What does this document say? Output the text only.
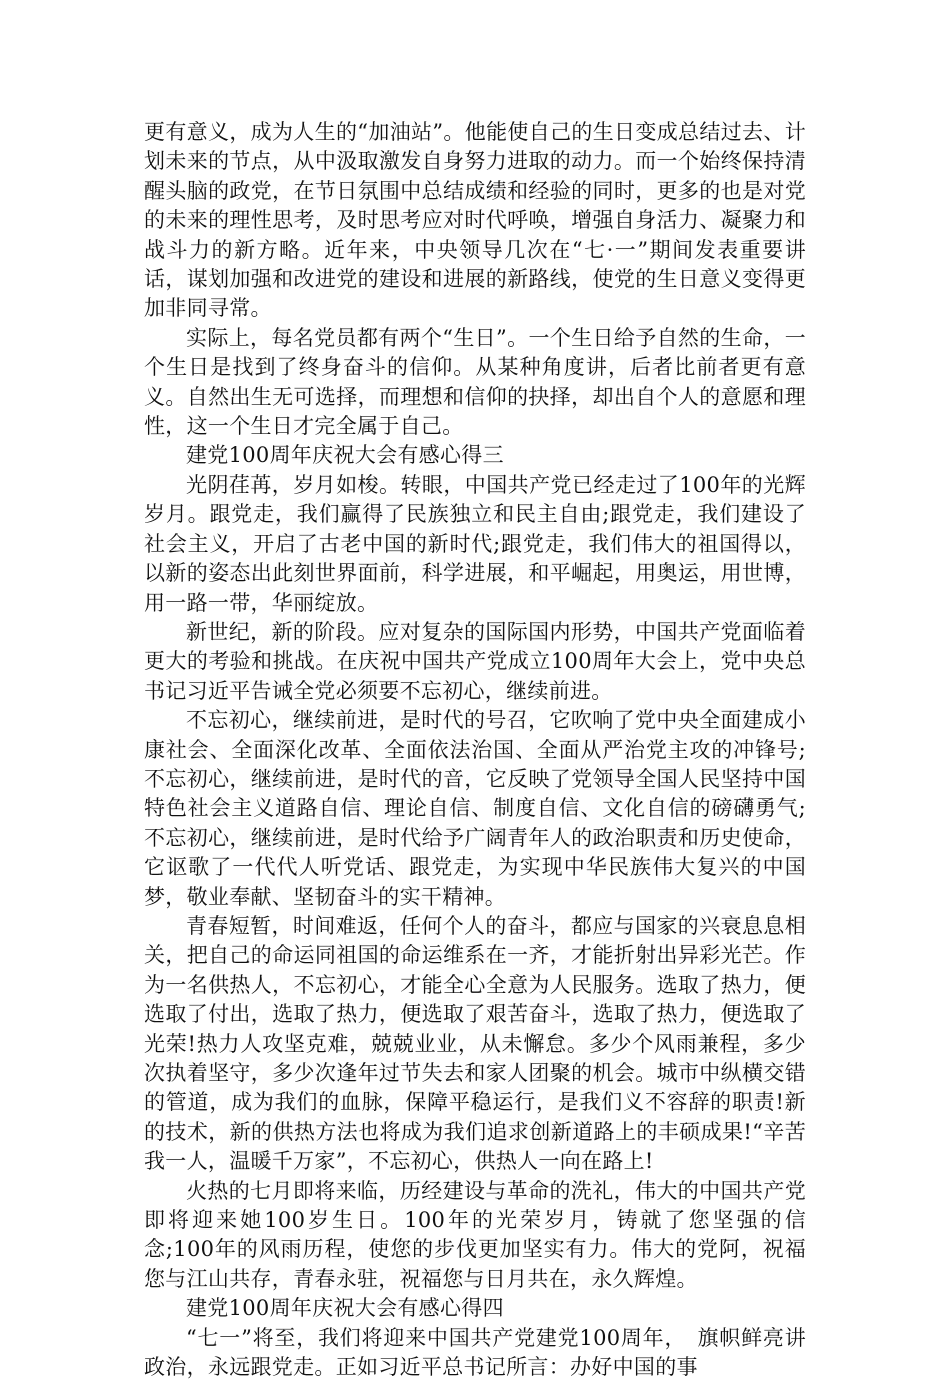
更有意义，成为人生的“加油站”。他能使自己的生日变成总结过去、计划未来的节点，从中汲取激发自身努力进取的动力。而一个始终保持清醒头脑的政党，在节日氛围中总结成绩和经验的同时，更多的也是对党的未来的理性思考，及时思考应对时代呼唤，增强自身活力、凝聚力和战斗力的新方略。近年来，中央领导几次在“七·一”期间发表重要讲话，谋划加强和改进党的建设和进展的新路线，使党的生日意义变得更加非同寻常。

实际上，每名党员都有两个“生日”。一个生日给予自然的生命，一个生日是找到了终身奋斗的信仰。从某种角度讲，后者比前者更有意义。自然出生无可选择，而理想和信仰的抉择，却出自个人的意愿和理性，这一个生日才完全属于自己。

建党100周年庆祝大会有感心得三

光阴荏苒，岁月如梭。转眼，中国共产党已经走过了100年的光辉岁月。跟党走，我们赢得了民族独立和民主自由;跟党走，我们建设了社会主义，开启了古老中国的新时代;跟党走，我们伟大的祖国得以，以新的姿态出此刻世界面前，科学进展，和平崛起，用奥运，用世博，用一路一带，华丽绽放。

新世纪，新的阶段。应对复杂的国际国内形势，中国共产党面临着更大的考验和挑战。在庆祝中国共产党成立100周年大会上，党中央总书记习近平告诫全党必须要不忘初心，继续前进。

不忘初心，继续前进，是时代的号召，它吹响了党中央全面建成小康社会、全面深化改革、全面依法治国、全面从严治党主攻的冲锋号;不忘初心，继续前进，是时代的音，它反映了党领导全国人民坚持中国特色社会主义道路自信、理论自信、制度自信、文化自信的磅礴勇气;不忘初心，继续前进，是时代给予广阔青年人的政治职责和历史使命，它讴歌了一代代人听党话、跟党走，为实现中华民族伟大复兴的中国梦，敬业奉献、坚韧奋斗的实干精神。

青春短暂，时间难返，任何个人的奋斗，都应与国家的兴衰息息相关，把自己的命运同祖国的命运维系在一齐，才能折射出异彩光芒。作为一名供热人，不忘初心，才能全心全意为人民服务。选取了热力，便选取了付出，选取了热力，便选取了艰苦奋斗，选取了热力，便选取了光荣!热力人攻坚克难，兢兢业业，从未懈怠。多少个风雨兼程，多少次执着坚守，多少次逢年过节失去和家人团聚的机会。城市中纵横交错的管道，成为我们的血脉，保障平稳运行，是我们义不容辞的职责!新的技术，新的供热方法也将成为我们追求创新道路上的丰硕成果!“辛苦我一人，温暖千万家”，不忘初心，供热人一向在路上!

火热的七月即将来临，历经建设与革命的洗礼，伟大的中国共产党即将迎来她100岁生日。100年的光荣岁月，铸就了您坚强的信念;100年的风雨历程，使您的步伐更加坚实有力。伟大的党阿，祝福您与江山共存，青春永驻，祝福您与日月共在，永久辉煌。

建党100周年庆祝大会有感心得四

“七一”将至，我们将迎来中国共产党建党100周年，　旗帜鲜亮讲政治，永远跟党走。正如习近平总书记所言：办好中国的事
